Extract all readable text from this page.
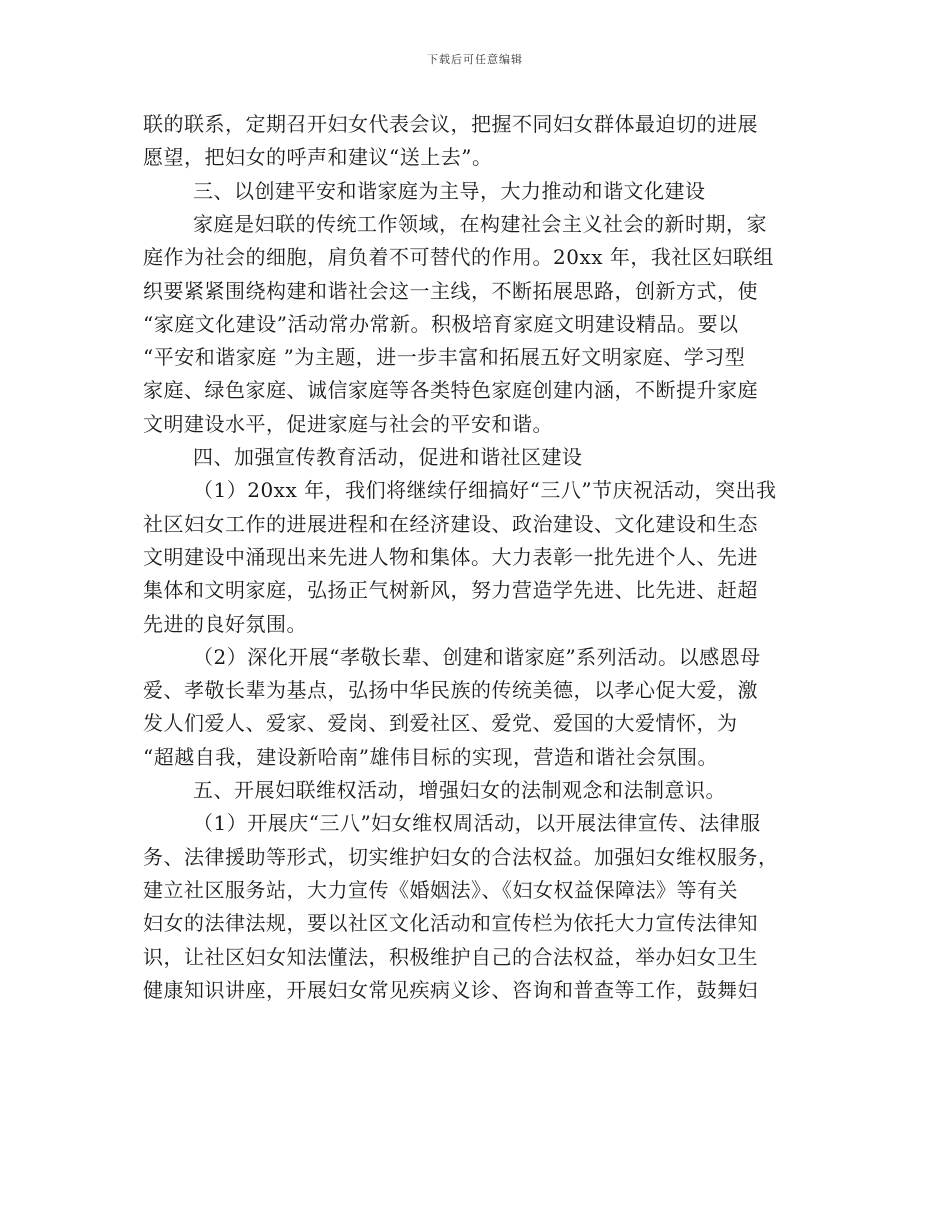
下载后可任意编辑
联的联系，定期召开妇女代表会议，把握不同妇女群体最迫切的进展
愿望，把妇女的呼声和建议“送上去”。
三、以创建平安和谐家庭为主导，大力推动和谐文化建设
家庭是妇联的传统工作领域，在构建社会主义社会的新时期，家
庭作为社会的细胞，肩负着不可替代的作用。20xx 年，我社区妇联组
织要紧紧围绕构建和谐社会这一主线，不断拓展思路，创新方式，使
“家庭文化建设”活动常办常新。积极培育家庭文明建设精品。要以
“平安和谐家庭 ”为主题，进一步丰富和拓展五好文明家庭、学习型
家庭、绿色家庭、诚信家庭等各类特色家庭创建内涵，不断提升家庭
文明建设水平，促进家庭与社会的平安和谐。
四、加强宣传教育活动，促进和谐社区建设
（1）20xx 年，我们将继续仔细搞好“三八”节庆祝活动，突出我
社区妇女工作的进展进程和在经济建设、政治建设、文化建设和生态
文明建设中涌现出来先进人物和集体。大力表彰一批先进个人、先进
集体和文明家庭，弘扬正气树新风，努力营造学先进、比先进、赶超
先进的良好氛围。
（2）深化开展“孝敬长辈、创建和谐家庭”系列活动。以感恩母
爱、孝敬长辈为基点，弘扬中华民族的传统美德，以孝心促大爱，激
发人们爱人、爱家、爱岗、到爱社区、爱党、爱国的大爱情怀，为
“超越自我，建设新哈南”雄伟目标的实现，营造和谐社会氛围。
五、开展妇联维权活动，增强妇女的法制观念和法制意识。
（1）开展庆“三八”妇女维权周活动，以开展法律宣传、法律服
务、法律援助等形式，切实维护妇女的合法权益。加强妇女维权服务，
建立社区服务站，大力宣传《婚姻法》、《妇女权益保障法》等有关
妇女的法律法规，要以社区文化活动和宣传栏为依托大力宣传法律知
识，让社区妇女知法懂法，积极维护自己的合法权益，举办妇女卫生
健康知识讲座，开展妇女常见疾病义诊、咨询和普查等工作，鼓舞妇
